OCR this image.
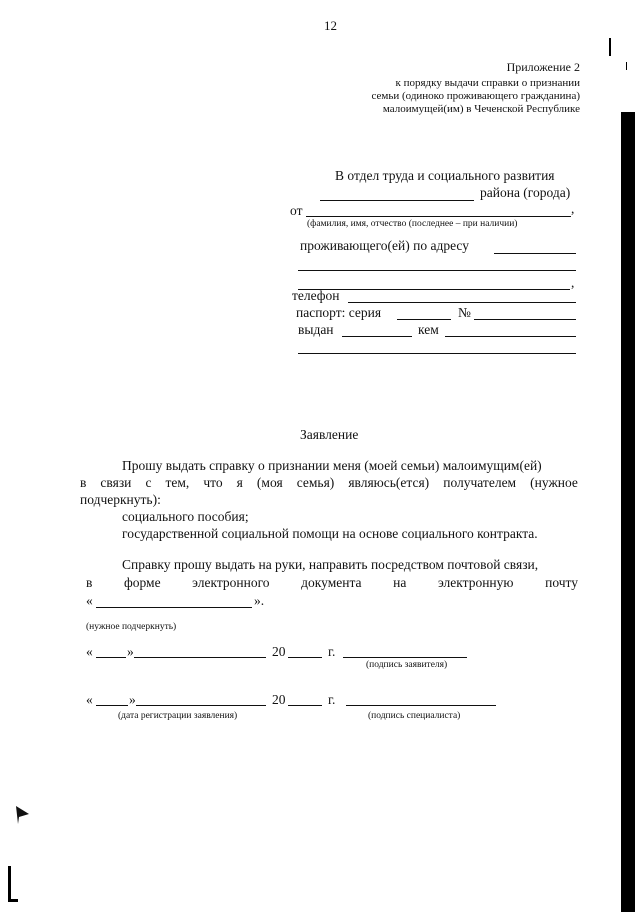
12
Приложение 2
к порядку выдачи справки о признании
семьи (одиноко проживающего гражданина)
малоимущей(им) в Чеченской Республике
В отдел труда и социального развития
района (города)
от	,
(фамилия, имя, отчество (последнее – при наличии)
проживающего(ей) по адресу
,
телефон
паспорт: серия	№
выдан	кем
Заявление
Прошу выдать справку о признании меня (моей семьи) малоимущим(ей)
в связи с тем, что я (моя семья) являюсь(ется) получателем (нужное
подчеркнуть):
социального пособия;
государственной социальной помощи на основе социального контракта.
Справку прошу выдать на руки, направить посредством почтовой связи,
в форме электронного документа на электронную почту
«	».
(нужное подчеркнуть)
«	»	20	г.
(подпись заявителя)
«	»	20	г.
(дата регистрации заявления)	(подпись специалиста)
